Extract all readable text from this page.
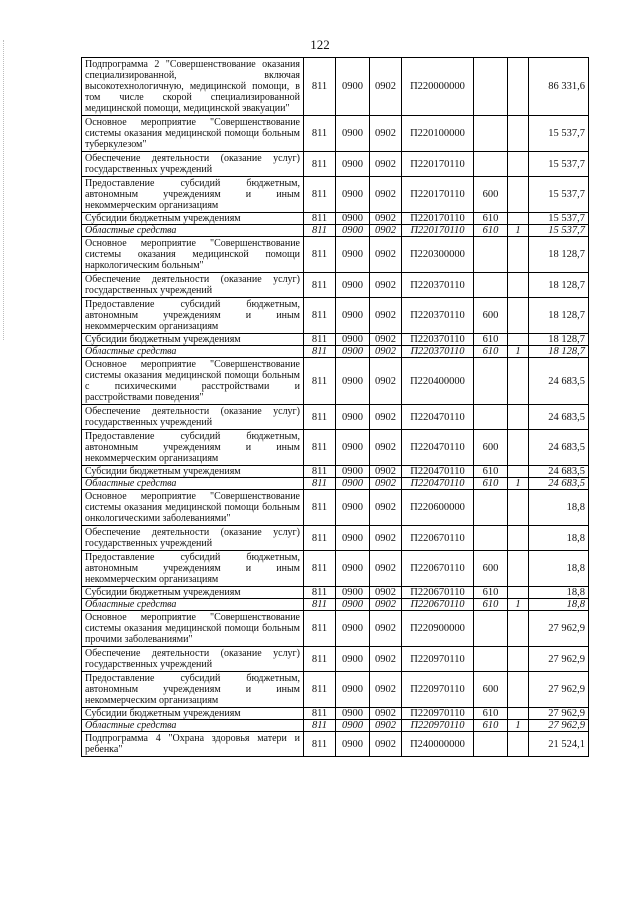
122
Подпрограмма 2 "Совершенствование оказания специализированной, включая высокотехнологичную, медицинской помощи, в том числе скорой специализированной медицинской помощи, медицинской эвакуации"	811	0900	0902	П220000000			86 331,6
Основное мероприятие "Совершенствование системы оказания медицинской помощи больным туберкулезом"	811	0900	0902	П220100000			15 537,7
Обеспечение деятельности (оказание услуг) государственных учреждений	811	0900	0902	П220170110			15 537,7
Предоставление субсидий бюджетным, автономным учреждениям и иным некоммерческим организациям	811	0900	0902	П220170110	600		15 537,7
Субсидии бюджетным учреждениям	811	0900	0902	П220170110	610		15 537,7
Областные средства	811	0900	0902	П220170110	610	1	15 537,7
Основное мероприятие "Совершенствование системы оказания медицинской помощи наркологическим больным"	811	0900	0902	П220300000			18 128,7
Обеспечение деятельности (оказание услуг) государственных учреждений	811	0900	0902	П220370110			18 128,7
Предоставление субсидий бюджетным, автономным учреждениям и иным некоммерческим организациям	811	0900	0902	П220370110	600		18 128,7
Субсидии бюджетным учреждениям	811	0900	0902	П220370110	610		18 128,7
Областные средства	811	0900	0902	П220370110	610	1	18 128,7
Основное мероприятие "Совершенствование системы оказания медицинской помощи больным с психическими расстройствами и расстройствами поведения"	811	0900	0902	П220400000			24 683,5
Обеспечение деятельности (оказание услуг) государственных учреждений	811	0900	0902	П220470110			24 683,5
Предоставление субсидий бюджетным, автономным учреждениям и иным некоммерческим организациям	811	0900	0902	П220470110	600		24 683,5
Субсидии бюджетным учреждениям	811	0900	0902	П220470110	610		24 683,5
Областные средства	811	0900	0902	П220470110	610	1	24 683,5
Основное мероприятие "Совершенствование системы оказания медицинской помощи больным онкологическими заболеваниями"	811	0900	0902	П220600000			18,8
Обеспечение деятельности (оказание услуг) государственных учреждений	811	0900	0902	П220670110			18,8
Предоставление субсидий бюджетным, автономным учреждениям и иным некоммерческим организациям	811	0900	0902	П220670110	600		18,8
Субсидии бюджетным учреждениям	811	0900	0902	П220670110	610		18,8
Областные средства	811	0900	0902	П220670110	610	1	18,8
Основное мероприятие "Совершенствование системы оказания медицинской помощи больным прочими заболеваниями"	811	0900	0902	П220900000			27 962,9
Обеспечение деятельности (оказание услуг) государственных учреждений	811	0900	0902	П220970110			27 962,9
Предоставление субсидий бюджетным, автономным учреждениям и иным некоммерческим организациям	811	0900	0902	П220970110	600		27 962,9
Субсидии бюджетным учреждениям	811	0900	0902	П220970110	610		27 962,9
Областные средства	811	0900	0902	П220970110	610	1	27 962,9
Подпрограмма 4 "Охрана здоровья матери и ребенка"	811	0900	0902	П240000000			21 524,1
